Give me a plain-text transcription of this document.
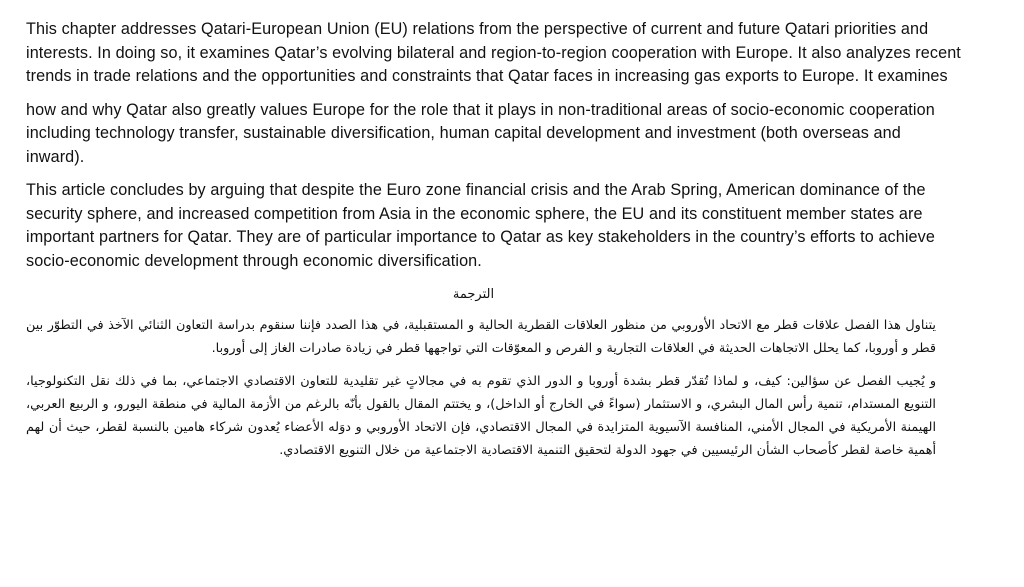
This chapter addresses Qatari-European Union (EU) relations from the perspective of current and future Qatari priorities and interests. In doing so, it examines Qatar’s evolving bilateral and region-to-region cooperation with Europe. It also analyzes recent trends in trade relations and the opportunities and constraints that Qatar faces in increasing gas exports to Europe. It examines

how and why Qatar also greatly values Europe for the role that it plays in non-traditional areas of socio-economic cooperation including technology transfer, sustainable diversification, human capital development and investment (both overseas and inward).

This article concludes by arguing that despite the Euro zone financial crisis and the Arab Spring, American dominance of the security sphere, and increased competition from Asia in the economic sphere, the EU and its constituent member states are important partners for Qatar. They are of particular importance to Qatar as key stakeholders in the country’s efforts to achieve socio-economic development through economic diversification.

الترجمة

يتناول هذا الفصل علاقات قطر مع الاتحاد الأوروبي من منظور العلاقات القطرية الحالية و المستقبلية، في هذا الصدد فإننا سنقوم بدراسة التعاون الثنائي الآخذ في التطوّر بين قطر و أوروبا، كما يحلل الاتجاهات الحديثة في العلاقات التجارية و الفرص و المعوّقات التي تواجهها قطر في زيادة صادرات الغاز إلى أوروبا.

و يُجيب الفصل عن سؤالين: كيف، و لماذا تُقدّر قطر بشدة أوروبا و الدور الذي تقوم به في مجالاتٍ غير تقليدية للتعاون الاقتصادي الاجتماعي، بما في ذلك نقل التكنولوجيا، التنويع المستدام، تنمية رأس المال البشري، و الاستثمار (سواءً في الخارج أو الداخل)، و يختتم المقال بالقول بأنّه بالرغم من الأزمة المالية في منطقة اليورو، و الربيع العربي، الهيمنة الأمريكية في المجال الأمني، المنافسة الآسيوية المتزايدة في المجال الاقتصادي، فإن الاتحاد الأوروبي و دوَله الأعضاء يُعدون شركاء هامين بالنسبة لقطر، حيث أن لهم أهمية خاصة لقطر كأصحاب الشأن الرئيسيين في جهود الدولة لتحقيق التنمية الاقتصادية الاجتماعية من خلال التنويع الاقتصادي.
